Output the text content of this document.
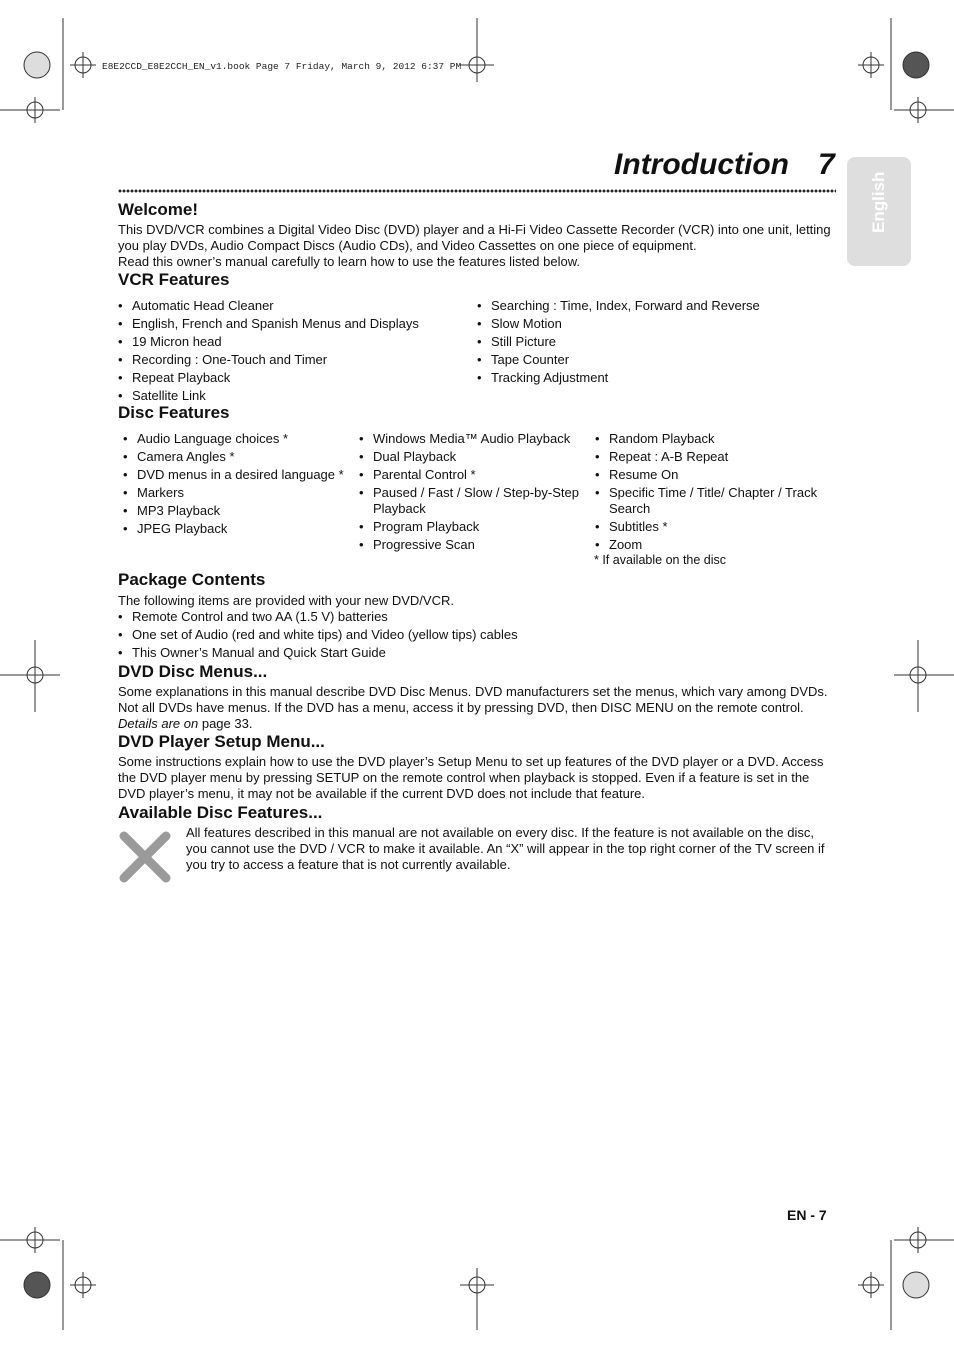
E8E2CCD_E8E2CCH_EN_v1.book Page 7 Friday, March 9, 2012 6:37 PM
Introduction 7
English
Welcome!

This DVD/VCR combines a Digital Video Disc (DVD) player and a Hi-Fi Video Cassette Recorder (VCR) into one unit, letting you play DVDs, Audio Compact Discs (Audio CDs), and Video Cassettes on one piece of equipment.

Read this owner’s manual carefully to learn how to use the features listed below.

VCR Features
• Automatic Head Cleaner
• English, French and Spanish Menus and Displays
• 19 Micron head
• Recording : One-Touch and Timer
• Repeat Playback
• Satellite Link
• Searching : Time, Index, Forward and Reverse
• Slow Motion
• Still Picture
• Tape Counter
• Tracking Adjustment
Disc Features
• Audio Language choices *
• Camera Angles *
• DVD menus in a desired language *
• Markers
• MP3 Playback
• JPEG Playback
• Windows Media™ Audio Playback
• Dual Playback
• Parental Control *
• Paused / Fast / Slow / Step-by-Step Playback
• Program Playback
• Progressive Scan
• Random Playback
• Repeat : A-B Repeat
• Resume On
• Specific Time / Title/ Chapter / Track Search
• Subtitles *
• Zoom
* If available on the disc
Package Contents
The following items are provided with your new DVD/VCR.
• Remote Control and two AA (1.5 V) batteries
• One set of Audio (red and white tips) and Video (yellow tips) cables
• This Owner’s Manual and Quick Start Guide
DVD Disc Menus...

Some explanations in this manual describe DVD Disc Menus. DVD manufacturers set the menus, which vary among DVDs. Not all DVDs have menus. If the DVD has a menu, access it by pressing DVD, then DISC MENU on the remote control.

Details are on page 33.

DVD Player Setup Menu...
Some instructions explain how to use the DVD player’s Setup Menu to set up features of the DVD player or a DVD. Access the DVD player menu by pressing SETUP on the remote control when playback is stopped. Even if a feature is set in the DVD player’s menu, it may not be available if the current DVD does not include that feature.
Available Disc Features...
All features described in this manual are not available on every disc. If the feature is not available on the disc, you cannot use the DVD / VCR to make it available. An “X” will appear in the top right corner of the TV screen if you try to access a feature that is not currently available.
EN - 7
